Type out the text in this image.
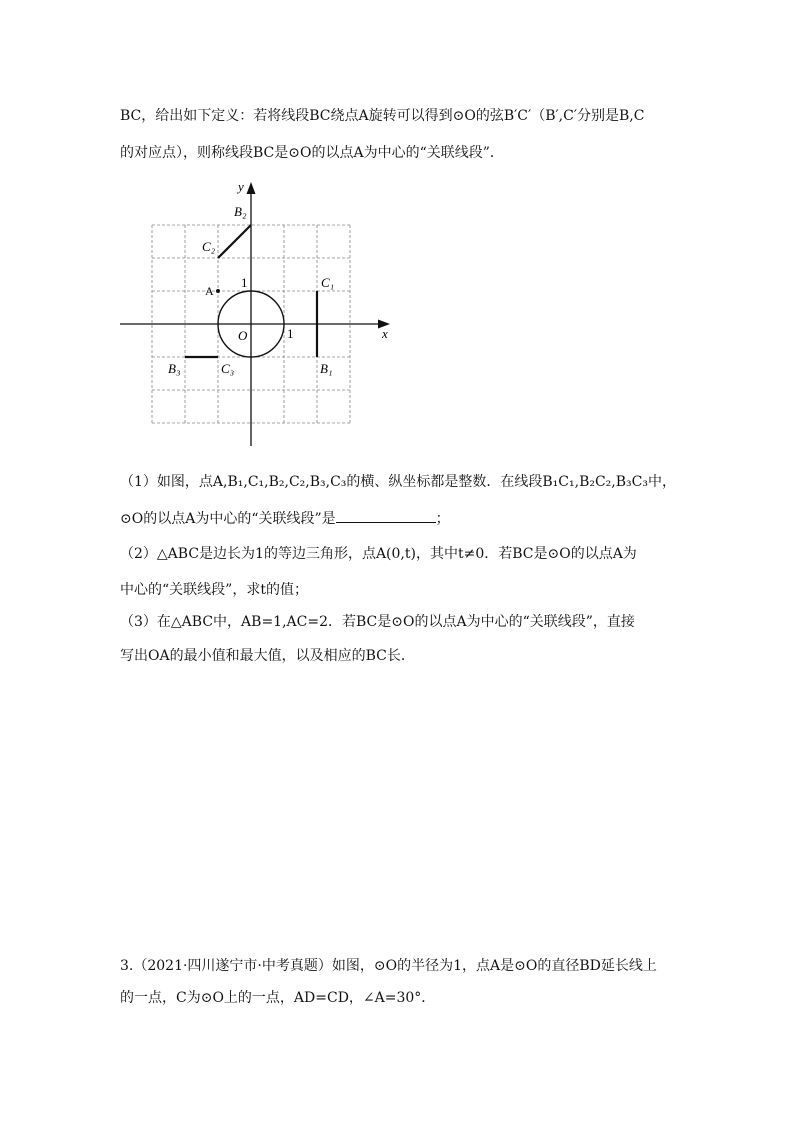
BC，给出如下定义：若将线段BC绕点A旋转可以得到⊙O的弦B′C′（B′,C′分别是B,C
的对应点），则称线段BC是⊙O的以点A为中心的“关联线段”．
x
y
O	1
1
A
B₂
C₂
C₁
B₁
B₃	C₃
（1）如图，点A,B₁,C₁,B₂,C₂,B₃,C₃的横、纵坐标都是整数．在线段B₁C₁,B₂C₂,B₃C₃中，
⊙O的以点A为中心的“关联线段”是	；
（2）△ABC是边长为1的等边三角形，点A(0,t)，其中t≠0．若BC是⊙O的以点A为
中心的“关联线段”，求t的值；
（3）在△ABC中，AB=1,AC=2．若BC是⊙O的以点A为中心的“关联线段”，直接
写出OA的最小值和最大值，以及相应的BC长．
3.（2021·四川遂宁市·中考真题）如图，⊙O的半径为1，点A是⊙O的直径BD延长线上
的一点，C为⊙O上的一点，AD=CD，∠A=30°．
